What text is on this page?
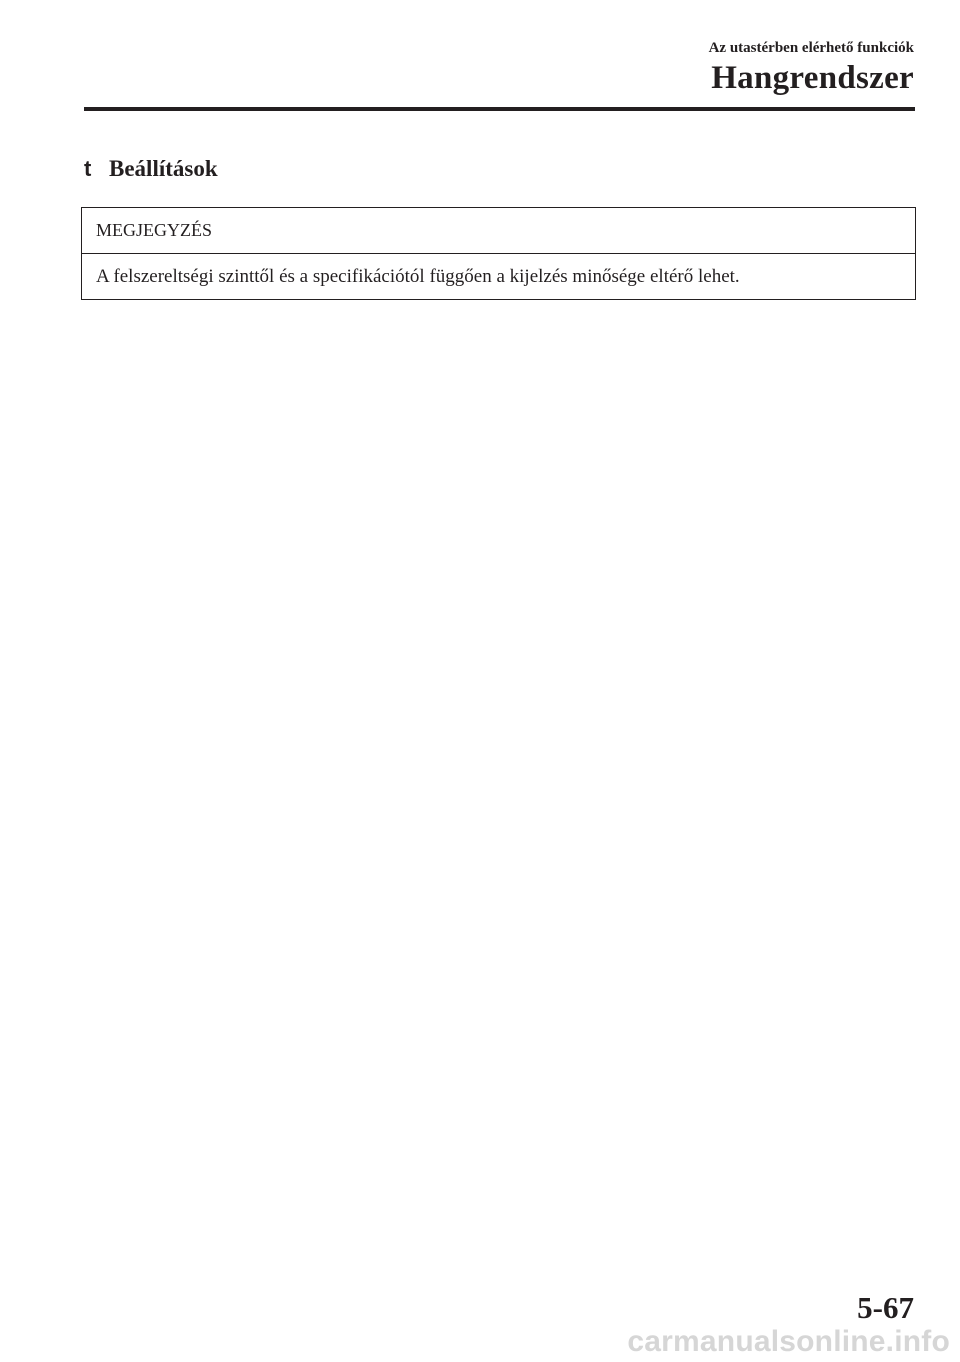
Az utastérben elérhető funkciók
Hangrendszer
t Beállítások
MEGJEGYZÉS
A felszereltségi szinttől és a specifikációtól függően a kijelzés minősége eltérő lehet.
5-67
carmanualsonline.info
